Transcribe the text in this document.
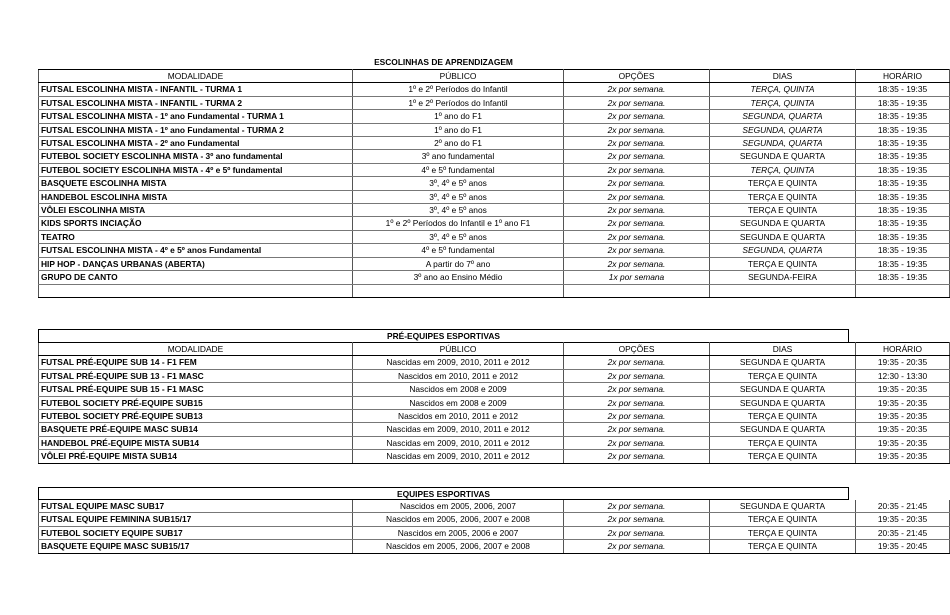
ESCOLINHAS DE APRENDIZAGEM
MODALIDADE	PÚBLICO	OPÇÕES	DIAS	HORÁRIO
FUTSAL ESCOLINHA MISTA - INFANTIL - TURMA 1	1º e 2º Períodos do Infantil	2x por semana.	TERÇA, QUINTA	18:35 - 19:35
FUTSAL ESCOLINHA MISTA - INFANTIL - TURMA 2	1º e 2º Períodos do Infantil	2x por semana.	TERÇA, QUINTA	18:35 - 19:35
FUTSAL ESCOLINHA MISTA - 1º ano Fundamental - TURMA 1	1º ano do F1	2x por semana.	SEGUNDA, QUARTA	18:35 - 19:35
FUTSAL ESCOLINHA MISTA - 1º ano Fundamental - TURMA 2	1º ano do F1	2x por semana.	SEGUNDA, QUARTA	18:35 - 19:35
FUTSAL ESCOLINHA MISTA - 2º ano Fundamental	2º ano do F1	2x por semana.	SEGUNDA, QUARTA	18:35 - 19:35
FUTEBOL SOCIETY ESCOLINHA MISTA - 3º ano fundamental	3º ano fundamental	2x por semana.	SEGUNDA E QUARTA	18:35 - 19:35
FUTEBOL SOCIETY ESCOLINHA MISTA - 4º e 5º fundamental	4º e 5º fundamental	2x por semana.	TERÇA, QUINTA	18:35 - 19:35
BASQUETE ESCOLINHA MISTA	3º, 4º e 5º anos	2x por semana.	TERÇA E QUINTA	18:35 - 19:35
HANDEBOL ESCOLINHA MISTA	3º, 4º e 5º anos	2x por semana.	TERÇA E QUINTA	18:35 - 19:35
VÔLEI ESCOLINHA MISTA	3º, 4º e 5º anos	2x por semana.	TERÇA E QUINTA	18:35 - 19:35
KIDS SPORTS INCIAÇÃO	1º e 2º Períodos do Infantil e 1º ano F1	2x por semana.	SEGUNDA E QUARTA	18:35 - 19:35
TEATRO	3º, 4º e 5º anos	2x por semana.	SEGUNDA E QUARTA	18:35 - 19:35
FUTSAL ESCOLINHA MISTA - 4º e 5º anos Fundamental	4º e 5º fundamental	2x por semana.	SEGUNDA, QUARTA	18:35 - 19:35
HIP HOP - DANÇAS URBANAS (ABERTA)	A partir do 7º ano	2x por semana.	TERÇA E QUINTA	18:35 - 19:35
GRUPO DE CANTO	3º ano ao Ensino Médio	1x por semana	SEGUNDA-FEIRA	18:35 - 19:35

PRÉ-EQUIPES ESPORTIVAS
MODALIDADE	PÚBLICO	OPÇÕES	DIAS	HORÁRIO
FUTSAL PRÉ-EQUIPE SUB 14 - F1 FEM	Nascidas em 2009, 2010, 2011 e 2012	2x por semana.	SEGUNDA E QUARTA	19:35 - 20:35
FUTSAL PRÉ-EQUIPE SUB 13 - F1 MASC	Nascidos em 2010, 2011 e 2012	2x por semana.	TERÇA E QUINTA	12:30 - 13:30
FUTSAL PRÉ-EQUIPE SUB 15 - F1 MASC	Nascidos em 2008 e 2009	2x por semana.	SEGUNDA E QUARTA	19:35 - 20:35
FUTEBOL SOCIETY PRÉ-EQUIPE SUB15	Nascidos em 2008 e 2009	2x por semana.	SEGUNDA E QUARTA	19:35 - 20:35
FUTEBOL SOCIETY PRÉ-EQUIPE SUB13	Nascidos em 2010, 2011 e 2012	2x por semana.	TERÇA E QUINTA	19:35 - 20:35
BASQUETE PRÉ-EQUIPE MASC SUB14	Nascidas em 2009, 2010, 2011 e 2012	2x por semana.	SEGUNDA E QUARTA	19:35 - 20:35
HANDEBOL PRÉ-EQUIPE MISTA SUB14	Nascidas em 2009, 2010, 2011 e 2012	2x por semana.	TERÇA E QUINTA	19:35 - 20:35
VÔLEI PRÉ-EQUIPE MISTA SUB14	Nascidas em 2009, 2010, 2011 e 2012	2x por semana.	TERÇA E QUINTA	19:35 - 20:35
EQUIPES ESPORTIVAS
FUTSAL EQUIPE MASC SUB17	Nascidos em 2005, 2006, 2007	2x por semana.	SEGUNDA E QUARTA	20:35 - 21:45
FUTSAL EQUIPE FEMININA SUB15/17	Nascidos em 2005, 2006, 2007 e 2008	2x por semana.	TERÇA E QUINTA	19:35 - 20:35
FUTEBOL SOCIETY EQUIPE SUB17	Nascidos em 2005, 2006 e 2007	2x por semana.	TERÇA E QUINTA	20:35 - 21:45
BASQUETE EQUIPE MASC SUB15/17	Nascidos em 2005, 2006, 2007 e 2008	2x por semana.	TERÇA E QUINTA	19:35 - 20:45
